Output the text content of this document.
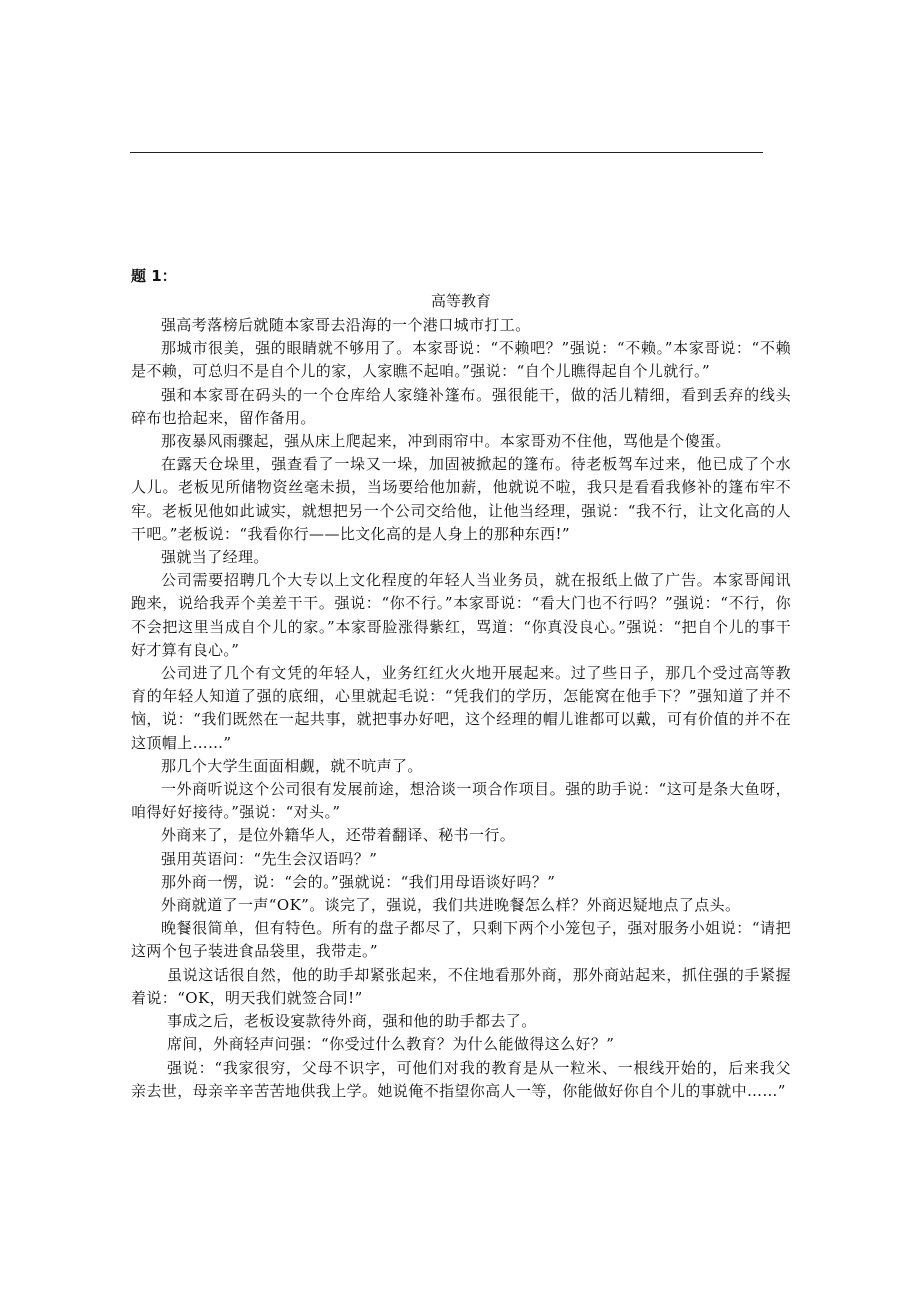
题 1：
高等教育

强高考落榜后就随本家哥去沿海的一个港口城市打工。

那城市很美，强的眼睛就不够用了。本家哥说：“不赖吧？”强说：“不赖。”本家哥说：“不赖是不赖，可总归不是自个儿的家，人家瞧不起咱。”强说：“自个儿瞧得起自个儿就行。”

强和本家哥在码头的一个仓库给人家缝补篷布。强很能干，做的活儿精细，看到丢弃的线头碎布也拾起来，留作备用。

那夜暴风雨骤起，强从床上爬起来，冲到雨帘中。本家哥劝不住他，骂他是个傻蛋。

在露天仓垛里，强查看了一垛又一垛，加固被掀起的篷布。待老板驾车过来，他已成了个水人儿。老板见所储物资丝毫未损，当场要给他加薪，他就说不啦，我只是看看我修补的篷布牢不牢。老板见他如此诚实，就想把另一个公司交给他，让他当经理，强说：“我不行，让文化高的人干吧。”老板说：“我看你行——比文化高的是人身上的那种东西!”

强就当了经理。

公司需要招聘几个大专以上文化程度的年轻人当业务员，就在报纸上做了广告。本家哥闻讯跑来，说给我弄个美差干干。强说：“你不行。”本家哥说：“看大门也不行吗？”强说：“不行，你不会把这里当成自个儿的家。”本家哥脸涨得紫红，骂道：“你真没良心。”强说：“把自个儿的事干好才算有良心。”

公司进了几个有文凭的年轻人，业务红红火火地开展起来。过了些日子，那几个受过高等教育的年轻人知道了强的底细，心里就起毛说：“凭我们的学历，怎能窝在他手下？”强知道了并不恼，说：“我们既然在一起共事，就把事办好吧，这个经理的帽儿谁都可以戴，可有价值的并不在这顶帽上……”

那几个大学生面面相觑，就不吭声了。

一外商听说这个公司很有发展前途，想洽谈一项合作项目。强的助手说：“这可是条大鱼呀，咱得好好接待。”强说：“对头。”

外商来了，是位外籍华人，还带着翻译、秘书一行。

强用英语问：“先生会汉语吗？”

那外商一愣，说：“会的。”强就说：“我们用母语谈好吗？”

外商就道了一声“OK”。谈完了，强说，我们共进晚餐怎么样？外商迟疑地点了点头。

晚餐很简单，但有特色。所有的盘子都尽了，只剩下两个小笼包子，强对服务小姐说：“请把这两个包子装进食品袋里，我带走。”

虽说这话很自然，他的助手却紧张起来，不住地看那外商，那外商站起来，抓住强的手紧握着说：“OK，明天我们就签合同!”

事成之后，老板设宴款待外商，强和他的助手都去了。

席间，外商轻声问强：“你受过什么教育？为什么能做得这么好？”

强说：“我家很穷，父母不识字，可他们对我的教育是从一粒米、一根线开始的，后来我父亲去世，母亲辛辛苦苦地供我上学。她说俺不指望你高人一等，你能做好你自个儿的事就中……”
